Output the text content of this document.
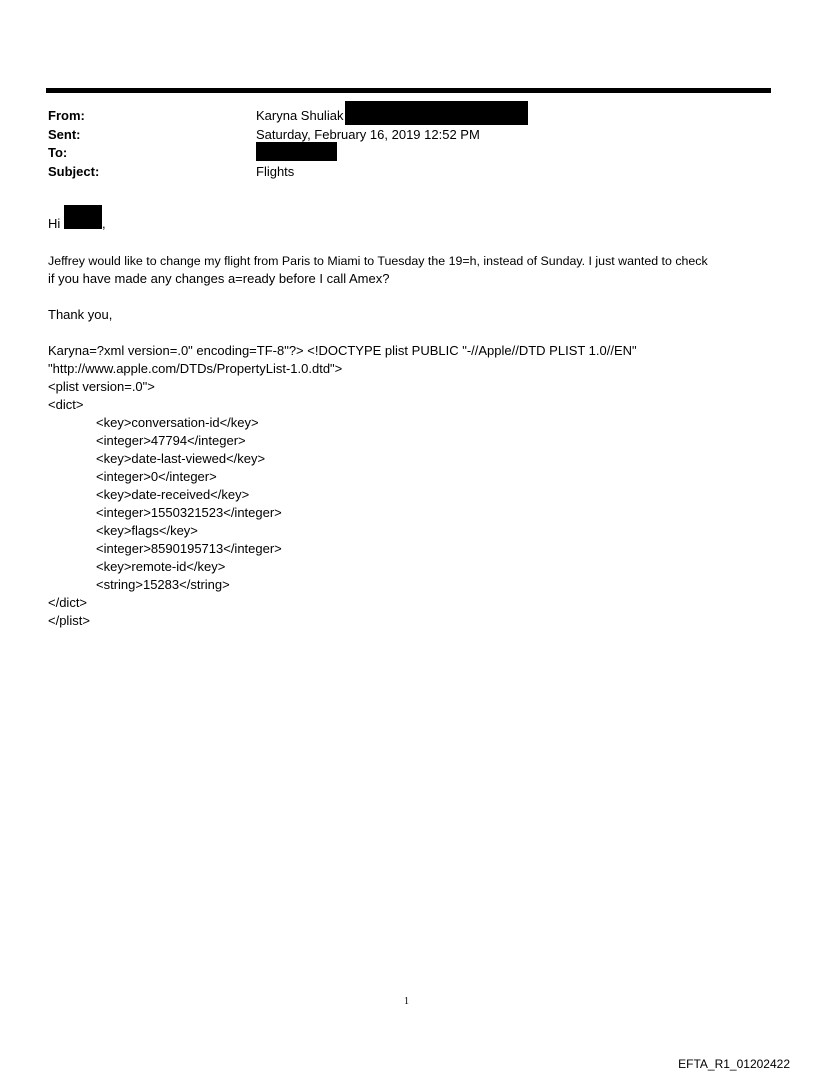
From:	Karyna Shuliak
Sent:	Saturday, February 16, 2019 12:52 PM
To:
Subject:	Flights
Hi	,
Jeffrey would like to change my flight from Paris to Miami to Tuesday the 19=h, instead of Sunday. I just wanted to check
if you have made any changes a=ready before I call Amex?
Thank you,
Karyna=?xml version=.0" encoding=TF-8"?> <!DOCTYPE plist PUBLIC "-//Apple//DTD PLIST 1.0//EN"
"http://www.apple.com/DTDs/PropertyList-1.0.dtd">
<plist version=.0">
<dict>
<key>conversation-id</key>
<integer>47794</integer>
<key>date-last-viewed</key>
<integer>0</integer>
<key>date-received</key>
<integer>1550321523</integer>
<key>flags</key>
<integer>8590195713</integer>
<key>remote-id</key>
<string>15283</string>
</dict>
</plist>
1
EFTA_R1_01202422
